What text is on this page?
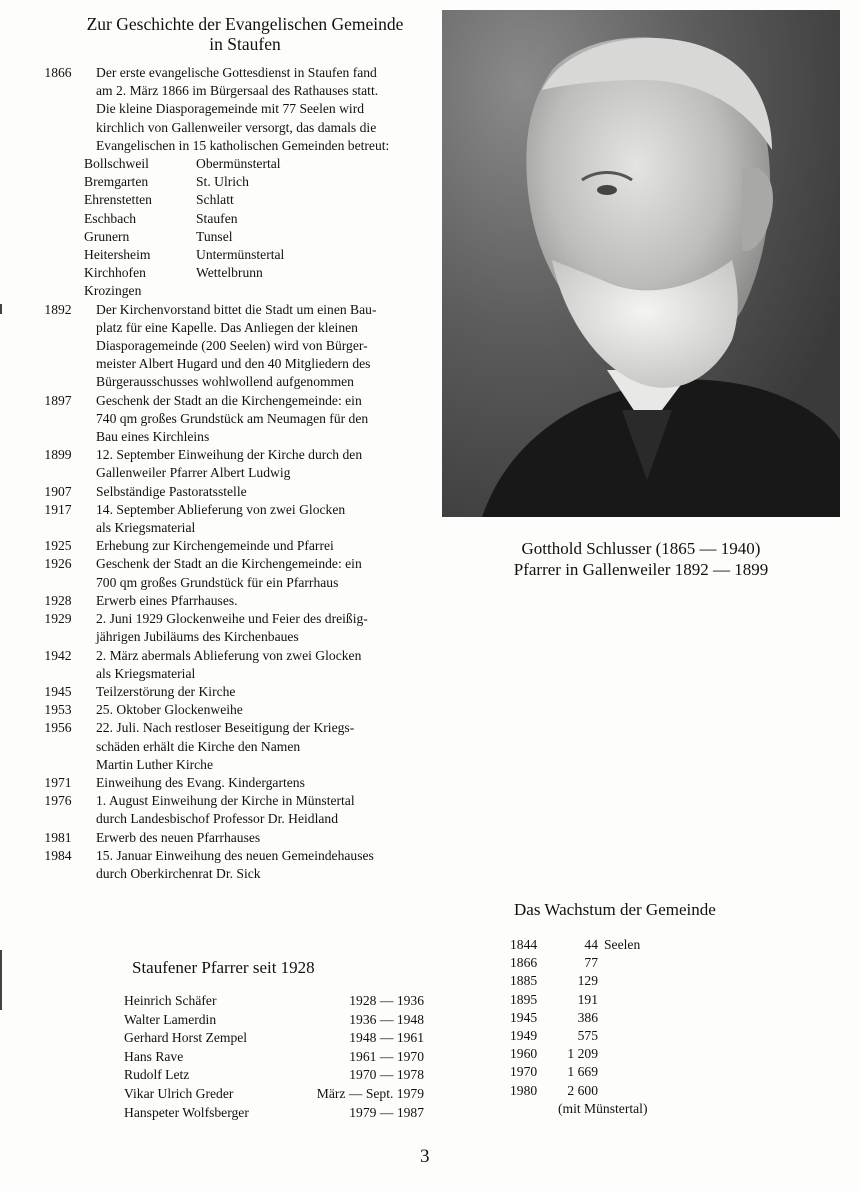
Zur Geschichte der Evangelischen Gemeinde
in Staufen
1866	Der erste evangelische Gottesdienst in Staufen fand
am 2. März 1866 im Bürgersaal des Rathauses statt.
Die kleine Diasporagemeinde mit 77 Seelen wird
kirchlich von Gallenweiler versorgt, das damals die
Evangelischen in 15 katholischen Gemeinden betreut:
Bollschweil	Obermünstertal
Bremgarten	St. Ulrich
Ehrenstetten	Schlatt
Eschbach	Staufen
Grunern	Tunsel
Heitersheim	Untermünstertal
Kirchhofen	Wettelbrunn
Krozingen
1892	Der Kirchenvorstand bittet die Stadt um einen Bau-
platz für eine Kapelle. Das Anliegen der kleinen
Diasporagemeinde (200 Seelen) wird von Bürger-
meister Albert Hugard und den 40 Mitgliedern des
Bürgerausschusses wohlwollend aufgenommen
1897	Geschenk der Stadt an die Kirchengemeinde: ein
740 qm großes Grundstück am Neumagen für den
Bau eines Kirchleins
1899	12. September Einweihung der Kirche durch den
Gallenweiler Pfarrer Albert Ludwig
1907	Selbständige Pastoratsstelle
1917	14. September Ablieferung von zwei Glocken
als Kriegsmaterial
1925	Erhebung zur Kirchengemeinde und Pfarrei
1926	Geschenk der Stadt an die Kirchengemeinde: ein
700 qm großes Grundstück für ein Pfarrhaus
1928	Erwerb eines Pfarrhauses.
1929	2. Juni 1929 Glockenweihe und Feier des dreißig-
jährigen Jubiläums des Kirchenbaues
1942	2. März abermals Ablieferung von zwei Glocken
als Kriegsmaterial
1945	Teilzerstörung der Kirche
1953	25. Oktober Glockenweihe
1956	22. Juli. Nach restloser Beseitigung der Kriegs-
schäden erhält die Kirche den Namen
Martin Luther Kirche
1971	Einweihung des Evang. Kindergartens
1976	1. August Einweihung der Kirche in Münstertal
durch Landesbischof Professor Dr. Heidland
1981	Erwerb des neuen Pfarrhauses
1984	15. Januar Einweihung des neuen Gemeindehauses
durch Oberkirchenrat Dr. Sick
Gotthold Schlusser (1865 — 1940)
Pfarrer in Gallenweiler 1892 — 1899
Das Wachstum der Gemeinde
1844	44 Seelen
1866	77
1885	129
1895	191
1945	386
1949	575
1960	1 209
1970	1 669
1980	2 600
(mit Münstertal)
Staufener Pfarrer seit 1928
Heinrich Schäfer	1928 — 1936
Walter Lamerdin	1936 — 1948
Gerhard Horst Zempel	1948 — 1961
Hans Rave	1961 — 1970
Rudolf Letz	1970 — 1978
Vikar Ulrich Greder	März — Sept. 1979
Hanspeter Wolfsberger	1979 — 1987
3
